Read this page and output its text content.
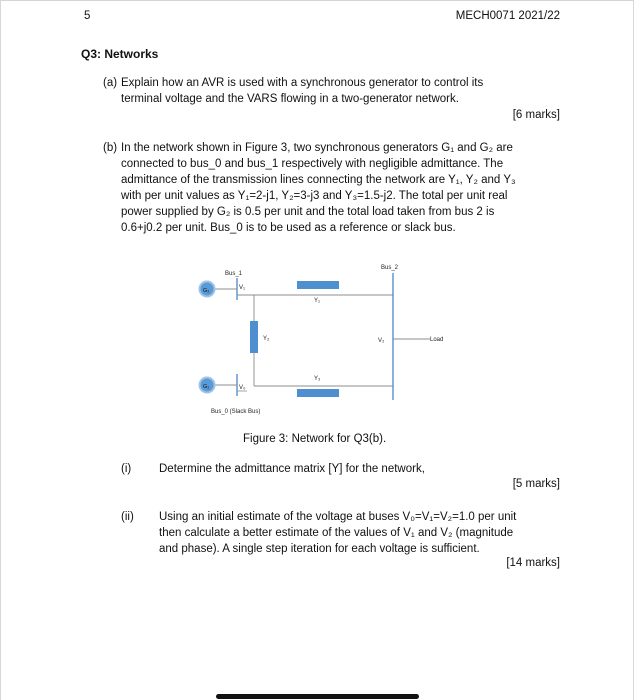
5	MECH0071 2021/22
Q3: Networks
(a) Explain how an AVR is used with a synchronous generator to control its
terminal voltage and the VARS flowing in a two-generator network.
[6 marks]
(b) In the network shown in Figure 3, two synchronous generators G₁ and G₂ are
connected to bus_0 and bus_1 respectively with negligible admittance. The
admittance of the transmission lines connecting the network are Y₁, Y₂ and Y₃
with per unit values as Y₁=2-j1, Y₂=3-j3 and Y₃=1.5-j2. The total per unit real
power supplied by G₂ is 0.5 per unit and the total load taken from bus 2 is
0.6+j0.2 per unit. Bus_0 is to be used as a reference or slack bus.
Bus_1
G₂	V₁
Y₁
Bus_2
Load
V₂
Y₂
G₁	V₀
Y₃
Bus_0 (Slack Bus)
Figure 3: Network for Q3(b).
(i) Determine the admittance matrix [Y] for the network,
[5 marks]
(ii) Using an initial estimate of the voltage at buses V₀=V₁=V₂=1.0 per unit
then calculate a better estimate of the values of V₁ and V₂ (magnitude
and phase). A single step iteration for each voltage is sufficient.
[14 marks]
